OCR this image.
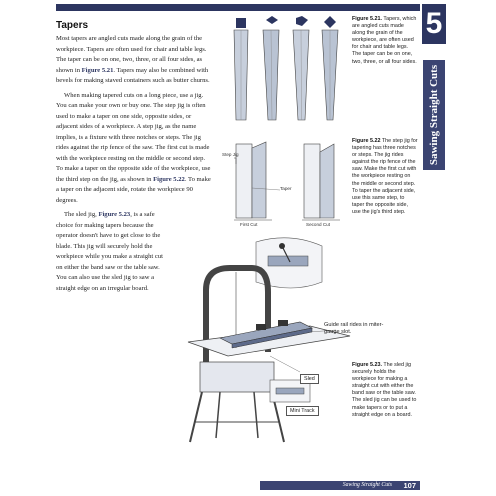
5
Sawing Straight Cuts
Tapers

Most tapers are angled cuts made along the grain of the workpiece. Tapers are often used for chair and table legs. The taper can be on one, two, three, or all four sides, as shown in Figure 5.21. Tapers may also be combined with bevels for making staved containers such as butter churns.

When making tapered cuts on a long piece, use a jig. You can make your own or buy one. The step jig is often used to make a taper on one side, opposite sides, or adjacent sides of a workpiece. A step jig, as the name implies, is a fixture with three notches or steps. The jig rides against the rip fence of the saw. The first cut is made with the workpiece resting on the middle or second step. To make a taper on the opposite side of the workpiece, use the third step on the jig, as shown in Figure 5.22. To make a taper on the adjacent side, rotate the workpiece 90 degrees.

The sled jig, Figure 5.23, is a safe choice for making tapers because the operator doesn't have to get close to the blade. This jig will securely hold the workpiece while you make a straight cut on either the band saw or the table saw. You can also use the sled jig to saw a straight edge on an irregular board.

Figure 5.21. Tapers, which are angled cuts made along the grain of the workpiece, are often used for chair and table legs. The taper can be on one, two, three, or all four sides.
Step Jig
Taper
First Cut	Second Cut
Figure 5.22 The step jig for tapering has three notches or steps. The jig rides against the rip fence of the saw. Make the first cut with the workpiece resting on the middle or second step. To taper the adjacent side, use this same step, to taper the opposite side, use the jig's third step.
Guide rail rides in miter-gauge slot.
Sled
Mini Track
Figure 5.23. The sled jig securely holds the workpiece for making a straight cut with either the band saw or the table saw. The sled jig can be used to make tapers or to put a straight edge on a board.
Sawing Straight Cuts 107
